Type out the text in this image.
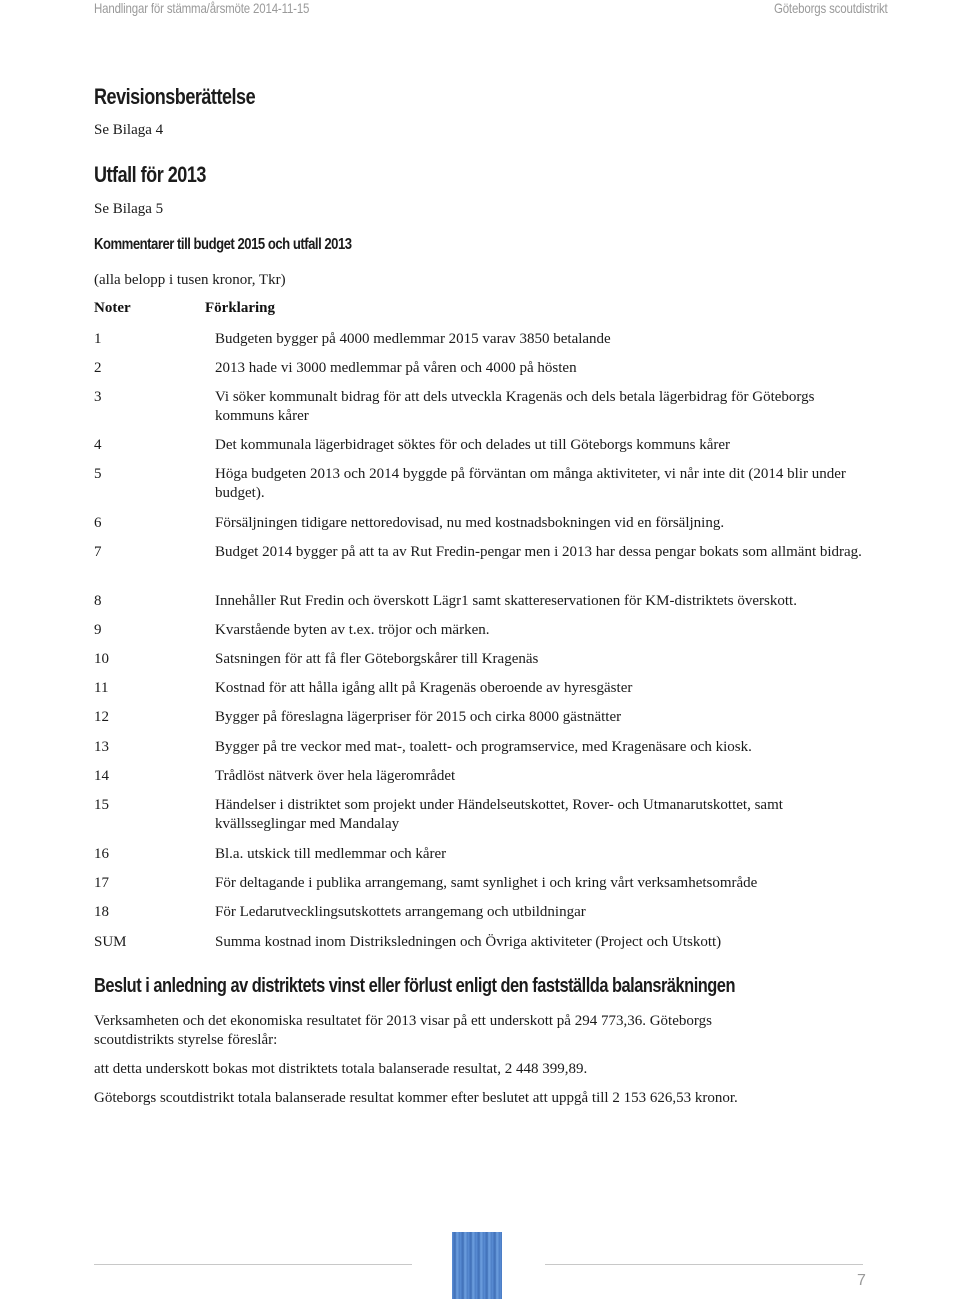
Handlingar för stämma/årsmöte 2014-11-15	Göteborgs scoutdistrikt
Revisionsberättelse
Se Bilaga 4
Utfall för 2013
Se Bilaga 5
Kommentarer till budget 2015 och utfall 2013
(alla belopp i tusen kronor, Tkr)
Noter	Förklaring
1	Budgeten bygger på 4000 medlemmar 2015 varav 3850 betalande
2	2013 hade vi 3000 medlemmar på våren och 4000 på hösten
3	Vi söker kommunalt bidrag för att dels utveckla Kragenäs och dels betala lägerbidrag för Göteborgs kommuns kårer
4	Det kommunala lägerbidraget söktes för och delades ut till Göteborgs kommuns kårer
5	Höga budgeten 2013 och 2014 byggde på förväntan om många aktiviteter, vi når inte dit (2014 blir under budget).
6	Försäljningen tidigare nettoredovisad, nu med kostnadsbokningen vid en försäljning.
7	Budget 2014 bygger på att ta av Rut Fredin-pengar men i 2013 har dessa pengar bokats som allmänt bidrag.
8	Innehåller Rut Fredin och överskott Lägr1 samt skattereservationen för KM-distriktets överskott.
9	Kvarstående byten av t.ex. tröjor och märken.
10	Satsningen för att få fler Göteborgskårer till Kragenäs
11	Kostnad för att hålla igång allt på Kragenäs oberoende av hyresgäster
12	Bygger på föreslagna lägerpriser för 2015 och cirka 8000 gästnätter
13	Bygger på tre veckor med mat-, toalett- och programservice, med Kragenäsare och kiosk.
14	Trådlöst nätverk över hela lägerområdet
15	Händelser i distriktet som projekt under Händelseutskottet, Rover- och Utmanarutskottet, samt kvällsseglingar med Mandalay
16	Bl.a. utskick till medlemmar och kårer
17	För deltagande i publika arrangemang, samt synlighet i och kring vårt verksamhetsområde
18	För Ledarutvecklingsutskottets arrangemang och utbildningar
SUM	Summa kostnad inom Distriksledningen och Övriga aktiviteter (Project och Utskott)
Beslut i anledning av distriktets vinst eller förlust enligt den fastställda balansräkningen
Verksamheten och det ekonomiska resultatet för 2013 visar på ett underskott på 294 773,36. Göteborgs scoutdistrikts styrelse föreslår:
att detta underskott bokas mot distriktets totala balanserade resultat, 2 448 399,89.
Göteborgs scoutdistrikt totala balanserade resultat kommer efter beslutet att uppgå till 2 153 626,53 kronor.
7
